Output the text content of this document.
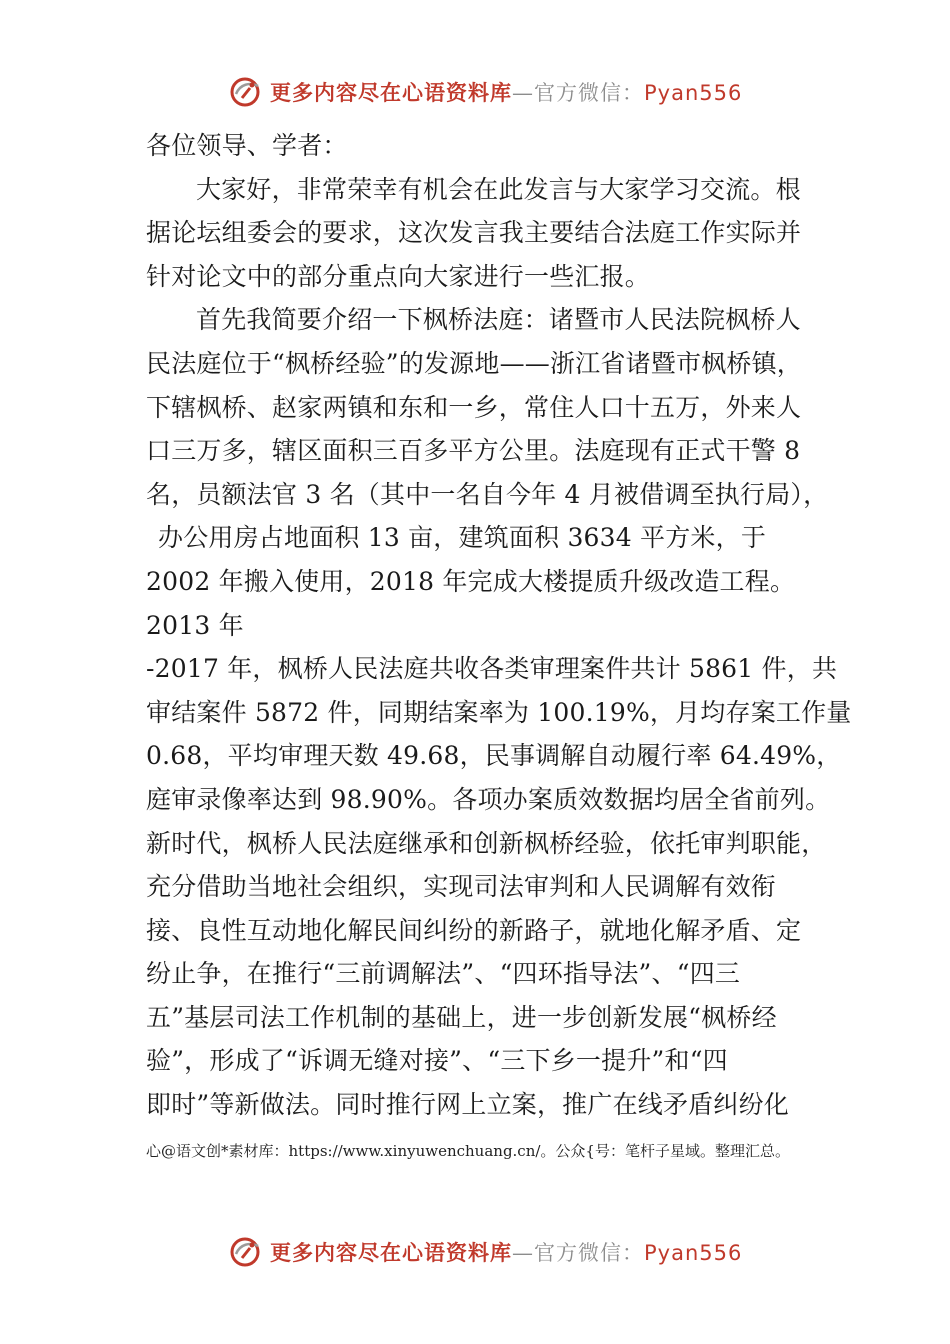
更多内容尽在心语资料库—官方微信：Pyan556
各位领导、学者：
大家好，非常荣幸有机会在此发言与大家学习交流。根
据论坛组委会的要求，这次发言我主要结合法庭工作实际并
针对论文中的部分重点向大家进行一些汇报。
首先我简要介绍一下枫桥法庭：诸暨市人民法院枫桥人
民法庭位于“枫桥经验”的发源地——浙江省诸暨市枫桥镇，
下辖枫桥、赵家两镇和东和一乡，常住人口十五万，外来人
口三万多，辖区面积三百多平方公里。法庭现有正式干警 8
名，员额法官 3 名（其中一名自今年 4 月被借调至执行局），
办公用房占地面积 13 亩，建筑面积 3634 平方米，于
2002 年搬入使用，2018 年完成大楼提质升级改造工程。
2013 年
-2017 年，枫桥人民法庭共收各类审理案件共计 5861 件，共
审结案件 5872 件，同期结案率为 100.19%，月均存案工作量
0.68，平均审理天数 49.68，民事调解自动履行率 64.49%，
庭审录像率达到 98.90%。各项办案质效数据均居全省前列。
新时代，枫桥人民法庭继承和创新枫桥经验，依托审判职能，
充分借助当地社会组织，实现司法审判和人民调解有效衔
接、良性互动地化解民间纠纷的新路子，就地化解矛盾、定
纷止争，在推行“三前调解法”、“四环指导法”、“四三
五”基层司法工作机制的基础上，进一步创新发展“枫桥经
验”，形成了“诉调无缝对接”、“三下乡一提升”和“四
即时”等新做法。同时推行网上立案，推广在线矛盾纠纷化
心@语文创*素材库：https://www.xinyuwenchuang.cn/。公众{号：笔杆子星域。整理汇总。
更多内容尽在心语资料库—官方微信：Pyan556
